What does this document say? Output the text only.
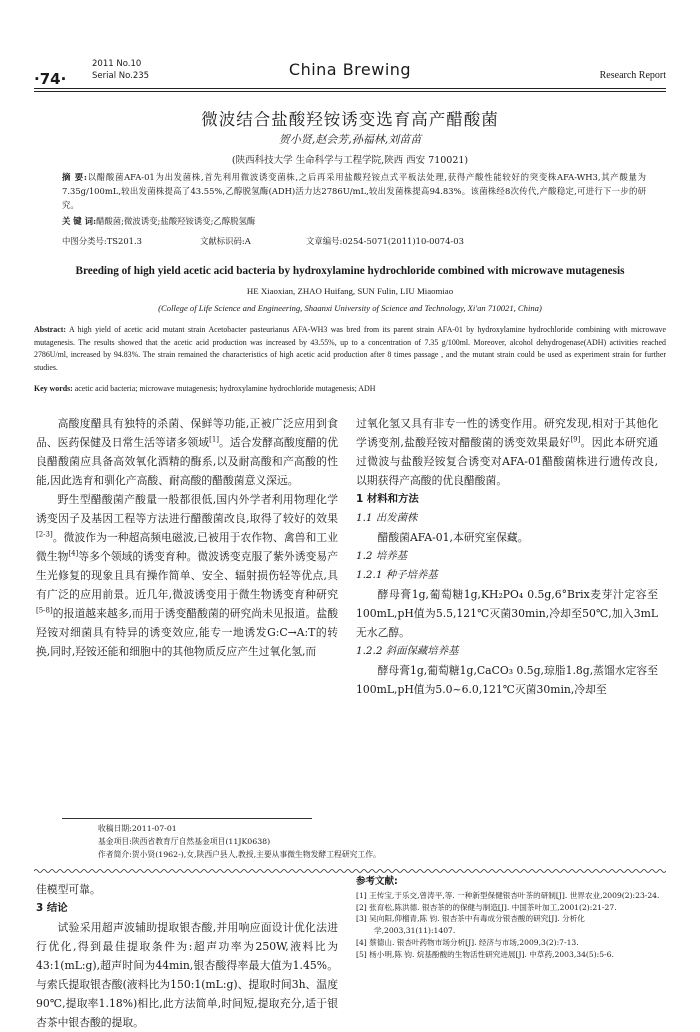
·74·
2011 No.10
Serial No.235	China Brewing	Research Report
微波结合盐酸羟铵诱变选育高产醋酸菌
贺小贤,赵会芳,孙福林,刘苗苗
(陕西科技大学 生命科学与工程学院,陕西 西安 710021)
摘 要:以醋酸菌AFA-01为出发菌株,首先利用微波诱变菌株,之后再采用盐酸羟铵点式平板法处理,获得产酸性能较好的突变株AFA-WH3,其产酸量为7.35g/100mL,较出发菌株提高了43.55%,乙醇脱氢酶(ADH)活力达2786U/mL,较出发菌株提高94.83%。该菌株经8次传代,产酸稳定,可进行下一步的研究。
关 键 词:醋酸菌;微波诱变;盐酸羟铵诱变;乙醇脱氢酶
中图分类号:TS201.3	文献标识码:A	文章编号:0254-5071(2011)10-0074-03
Breeding of high yield acetic acid bacteria by hydroxylamine hydrochloride combined with microwave mutagenesis
HE Xiaoxian, ZHAO Huifang, SUN Fulin, LIU Miaomiao
(College of Life Science and Engineering, Shaanxi University of Science and Technology, Xi'an 710021, China)
Abstract: A high yield of acetic acid mutant strain Acetobacter pasteurianus AFA-WH3 was bred from its parent strain AFA-01 by hydroxylamine hydrochloride combining with microwave mutagenesis. The results showed that the acetic acid production was increased by 43.55%, up to a concentration of 7.35 g/100ml. Moreover, alcohol dehydrogenase(ADH) activities reached 2786U/ml, increased by 94.83%. The strain remained the characteristics of high acetic acid production after 8 times passage , and the mutant strain could be used as experiment strain for further studies.
Key words: acetic acid bacteria; microwave mutagenesis; hydroxylamine hydrochloride mutagenesis; ADH

高酸度醋具有独特的杀菌、保鲜等功能,正被广泛应用到食品、医药保健及日常生活等诸多领域[1]。适合发酵高酸度醋的优良醋酸菌应具备高效氧化酒精的酶系,以及耐高酸和产高酸的性能,因此选育和驯化产高酸、耐高酸的醋酸菌意义深远。

野生型醋酸菌产酸量一般都很低,国内外学者利用物理化学诱变因子及基因工程等方法进行醋酸菌改良,取得了较好的效果[2-3]。微波作为一种超高频电磁波,已被用于农作物、禽兽和工业微生物[4]等多个领域的诱变育种。微波诱变克服了紫外诱变易产生光修复的现象且具有操作简单、安全、辐射损伤轻等优点,具有广泛的应用前景。近几年,微波诱变用于微生物诱变育种研究[5-8]的报道越来越多,而用于诱变醋酸菌的研究尚未见报道。盐酸羟铵对细菌具有特异的诱变效应,能专一地诱发G:C→A:T的转换,同时,羟铵还能和细胞中的其他物质反应产生过氧化氢,而

过氧化氢又具有非专一性的诱变作用。研究发现,相对于其他化学诱变剂,盐酸羟铵对醋酸菌的诱变效果最好[9]。因此本研究通过微波与盐酸羟铵复合诱变对AFA-01醋酸菌株进行遗传改良,以期获得产高酸的优良醋酸菌。

1 材料和方法

1.1 出发菌株

醋酸菌AFA-01,本研究室保藏。

1.2 培养基

1.2.1 种子培养基

酵母膏1g,葡萄糖1g,KH₂PO₄ 0.5g,6°Brix麦芽汁定容至100mL,pH值为5.5,121℃灭菌30min,冷却至50℃,加入3mL无水乙醇。

1.2.2 斜面保藏培养基

酵母膏1g,葡萄糖1g,CaCO₃ 0.5g,琼脂1.8g,蒸馏水定容至100mL,pH值为5.0~6.0,121℃灭菌30min,冷却至

收稿日期:2011-07-01
基金项目:陕西省教育厅自然基金项目(11JK0638)
作者简介:贺小贤(1962-),女,陕西户县人,教授,主要从事微生物发酵工程研究工作。

佳模型可靠。

3 结论

试验采用超声波辅助提取银杏酸,并用响应面设计优化法进行优化,得到最佳提取条件为:超声功率为250W,液料比为43:1(mL:g),超声时间为44min,银杏酸得率最大值为1.45%。与索氏提取银杏酸(液料比为150:1(mL:g)、提取时间3h、温度90℃,提取率1.18%)相比,此方法简单,时间短,提取充分,适于银杏茶中银杏酸的提取。

参考文献:
[1] 王传宝,于乐交,曾涛平,等. 一种新型保健银杏叶茶的研制[J]. 世界农业,2009(2):23-24.
[2] 张育松,陈洪德. 银杏茶的的保健与制造[J]. 中国茶叶加工,2001(2):21-27.
[3] 吴向阳,仰榴青,陈 钧. 银杏茶中有毒成分银杏酸的研究[J]. 分析化学,2003,31(11):1407.
[4] 蔡德山. 银杏叶药物市场分析[J]. 经济与市场,2009,3(2):7-13.
[5] 杨小明,陈 钧. 烷基酚酸的生物活性研究进展[J]. 中草药,2003,34(5):5-6.
